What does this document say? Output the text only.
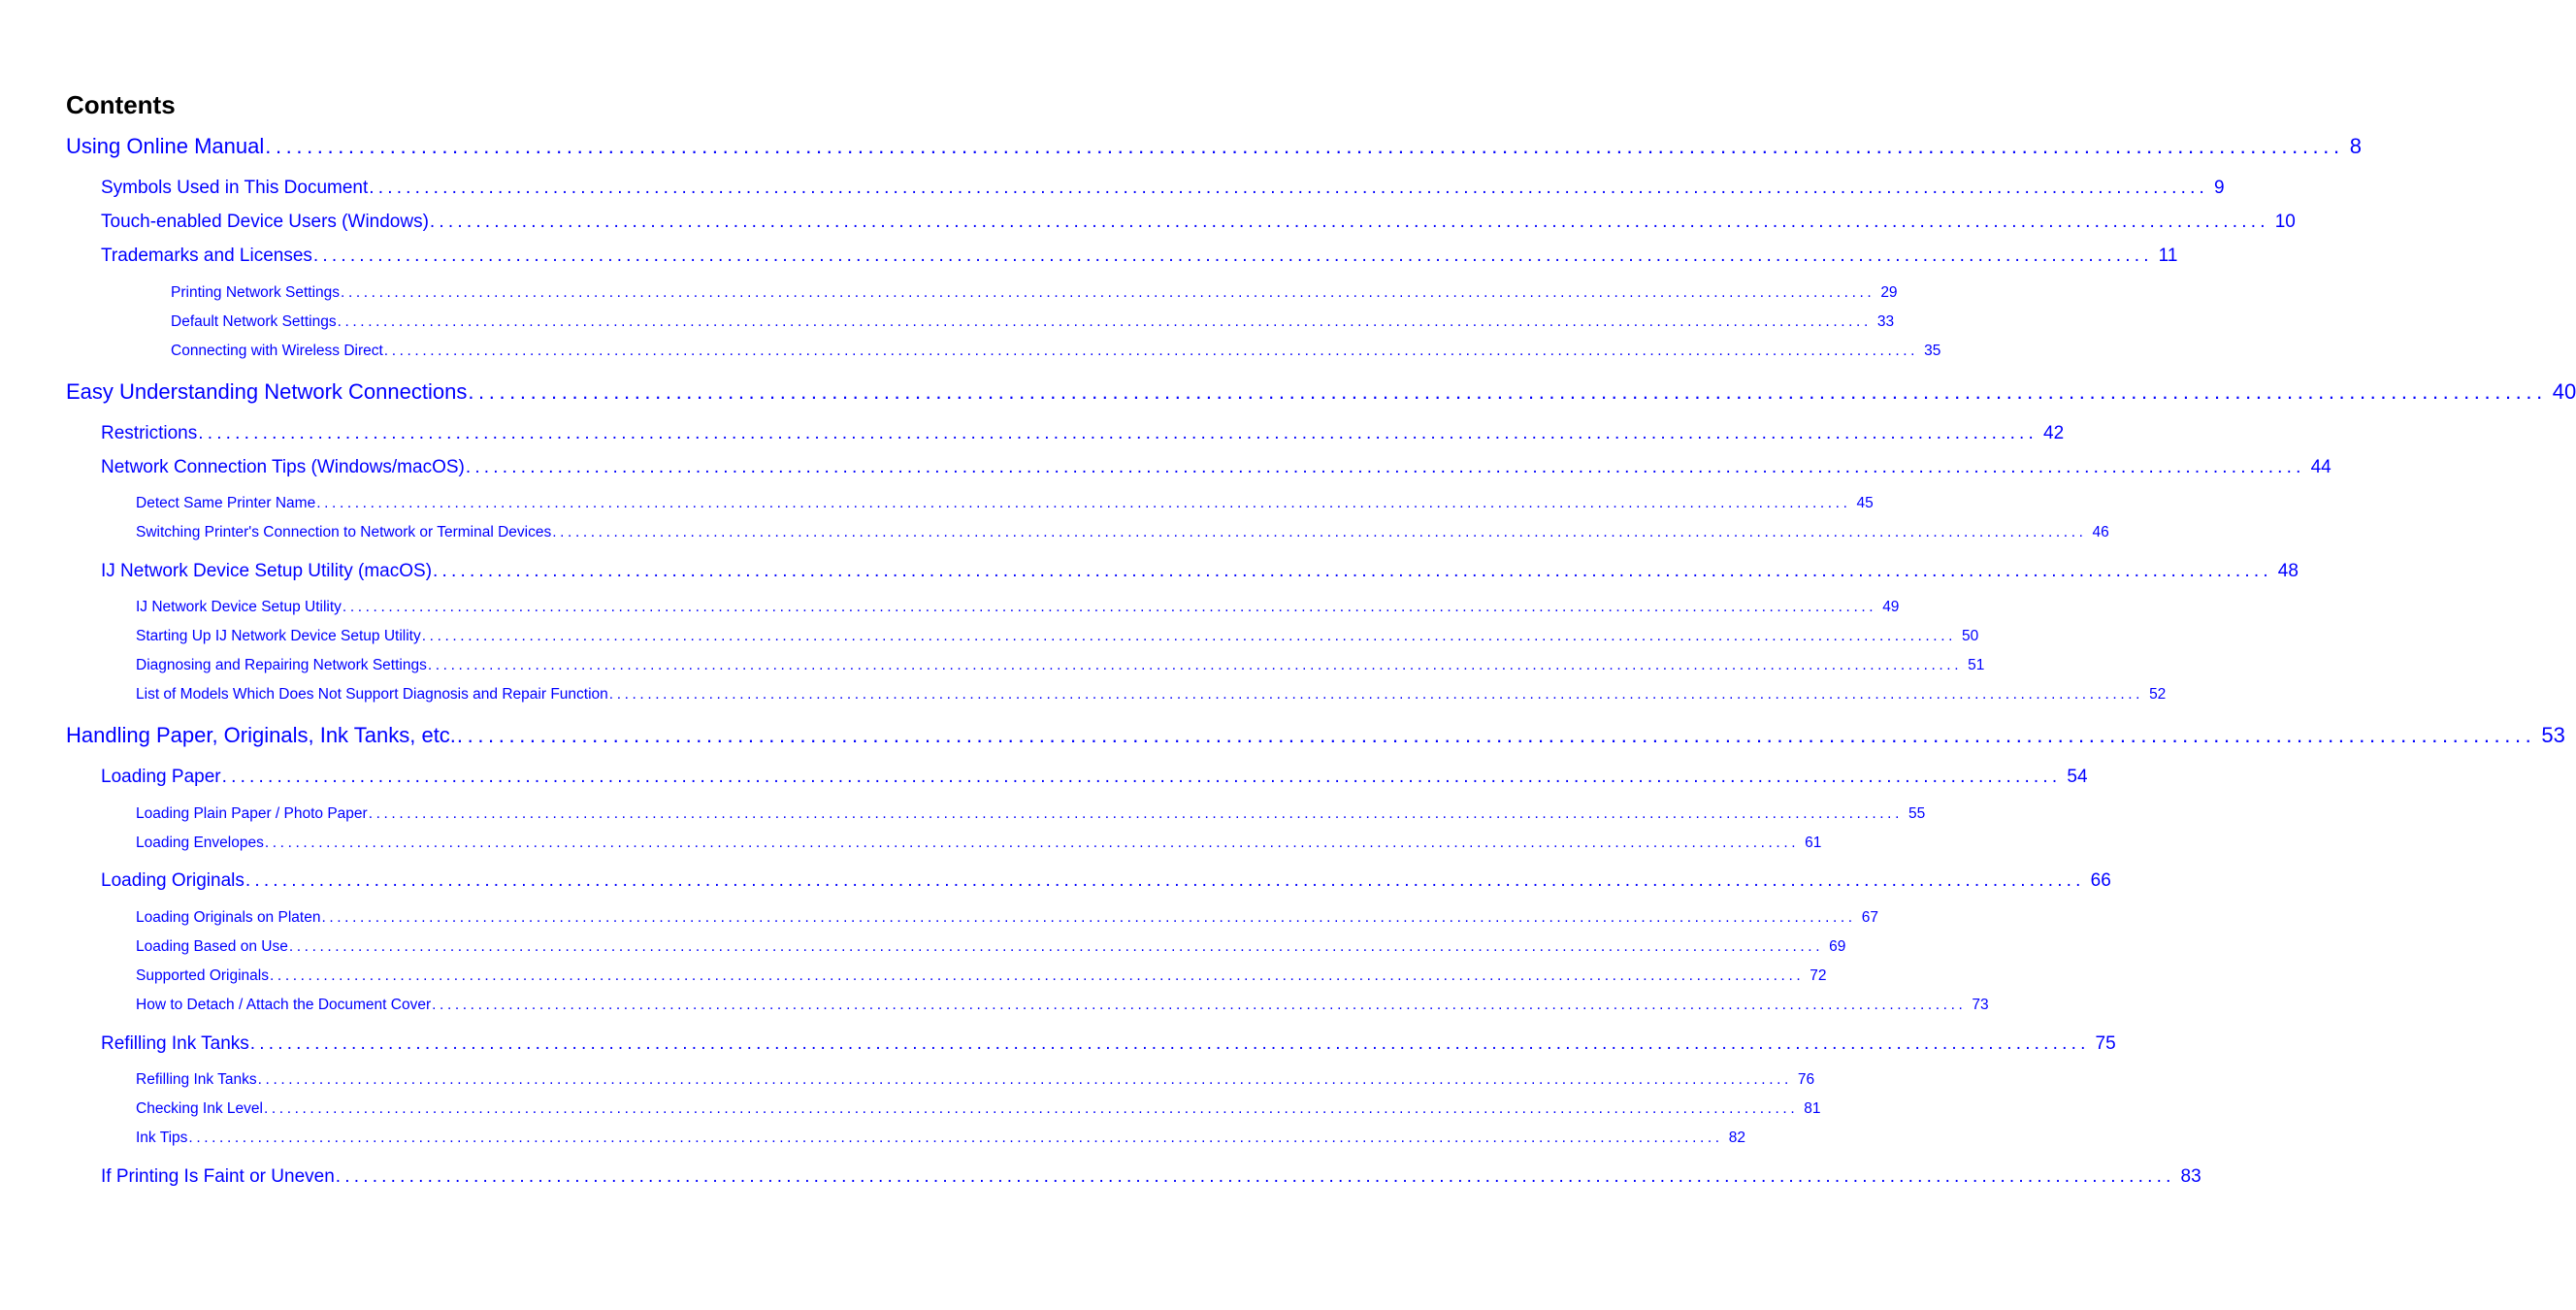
Contents
Using Online Manual ........................................................................................................................................................................................................ 8
Symbols Used in This Document ........................................................................................................................................................................................................ 9
Touch-enabled Device Users (Windows) ........................................................................................................................................................................................................ 10
Trademarks and Licenses ........................................................................................................................................................................................................ 11
Printing Network Settings ........................................................................................................................................................................................................ 29
Default Network Settings ........................................................................................................................................................................................................ 33
Connecting with Wireless Direct ........................................................................................................................................................................................................ 35
Easy Understanding Network Connections ........................................................................................................................................................................................................ 40
Restrictions ........................................................................................................................................................................................................ 42
Network Connection Tips (Windows/macOS) ........................................................................................................................................................................................................ 44
Detect Same Printer Name ........................................................................................................................................................................................................ 45
Switching Printer's Connection to Network or Terminal Devices ........................................................................................................................................................................................................ 46
IJ Network Device Setup Utility (macOS) ........................................................................................................................................................................................................ 48
IJ Network Device Setup Utility ........................................................................................................................................................................................................ 49
Starting Up IJ Network Device Setup Utility ........................................................................................................................................................................................................ 50
Diagnosing and Repairing Network Settings ........................................................................................................................................................................................................ 51
List of Models Which Does Not Support Diagnosis and Repair Function ........................................................................................................................................................................................................ 52
Handling Paper, Originals, Ink Tanks, etc. ........................................................................................................................................................................................................ 53
Loading Paper ........................................................................................................................................................................................................ 54
Loading Plain Paper / Photo Paper ........................................................................................................................................................................................................ 55
Loading Envelopes ........................................................................................................................................................................................................ 61
Loading Originals ........................................................................................................................................................................................................ 66
Loading Originals on Platen ........................................................................................................................................................................................................ 67
Loading Based on Use ........................................................................................................................................................................................................ 69
Supported Originals ........................................................................................................................................................................................................ 72
How to Detach / Attach the Document Cover ........................................................................................................................................................................................................ 73
Refilling Ink Tanks ........................................................................................................................................................................................................ 75
Refilling Ink Tanks ........................................................................................................................................................................................................ 76
Checking Ink Level ........................................................................................................................................................................................................ 81
Ink Tips ........................................................................................................................................................................................................ 82
If Printing Is Faint or Uneven ........................................................................................................................................................................................................ 83
